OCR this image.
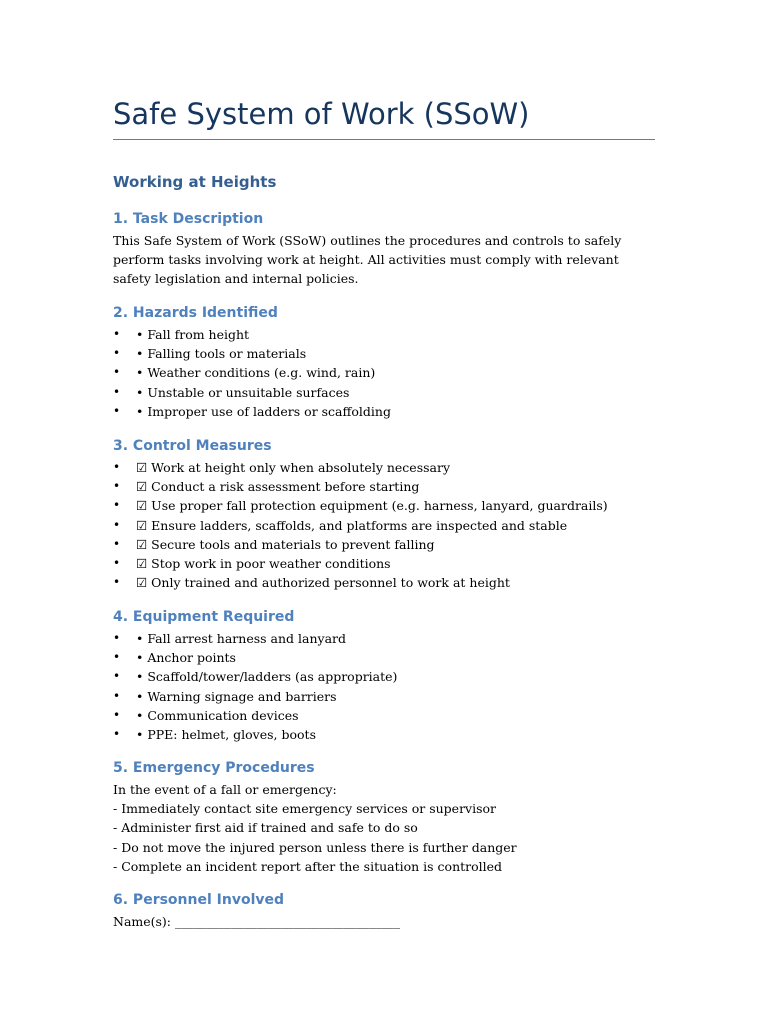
Safe System of Work (SSoW)
Working at Heights
1. Task Description

This Safe System of Work (SSoW) outlines the procedures and controls to safely perform tasks involving work at height. All activities must comply with relevant safety legislation and internal policies.

2. Hazards Identified
• • Fall from height
• • Falling tools or materials
• • Weather conditions (e.g. wind, rain)
• • Unstable or unsuitable surfaces
• • Improper use of ladders or scaffolding
3. Control Measures
• ☑ Work at height only when absolutely necessary
• ☑ Conduct a risk assessment before starting
• ☑ Use proper fall protection equipment (e.g. harness, lanyard, guardrails)
• ☑ Ensure ladders, scaffolds, and platforms are inspected and stable
• ☑ Secure tools and materials to prevent falling
• ☑ Stop work in poor weather conditions
• ☑ Only trained and authorized personnel to work at height
4. Equipment Required
• • Fall arrest harness and lanyard
• • Anchor points
• • Scaffold/tower/ladders (as appropriate)
• • Warning signage and barriers
• • Communication devices
• • PPE: helmet, gloves, boots
5. Emergency Procedures

In the event of a fall or emergency:

- Immediately contact site emergency services or supervisor

- Administer first aid if trained and safe to do so

- Do not move the injured person unless there is further danger

- Complete an incident report after the situation is controlled

6. Personnel Involved

Name(s): ____________________________________
